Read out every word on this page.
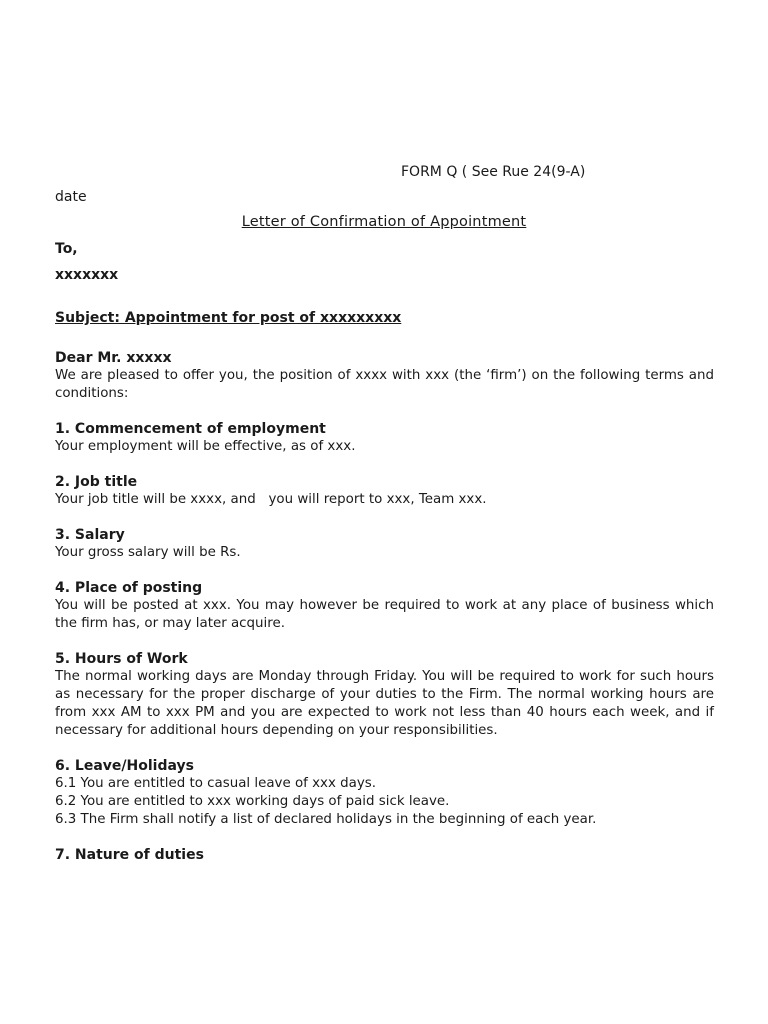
FORM Q ( See Rue 24(9-A)
date
Letter of Confirmation of Appointment
To,
xxxxxxx
Subject: Appointment for post of xxxxxxxxx

Dear Mr. xxxxx

We are pleased to offer you, the position of xxxx with xxx (the ‘firm’) on the following terms and conditions:

1. Commencement of employment

Your employment will be effective, as of xxx.

2. Job title

Your job title will be xxxx, and   you will report to xxx, Team xxx.

3. Salary

Your gross salary will be Rs.

4. Place of posting

You will be posted at xxx. You may however be required to work at any place of business which the firm has, or may later acquire.

5. Hours of Work

The normal working days are Monday through Friday. You will be required to work for such hours as necessary for the proper discharge of your duties to the Firm. The normal working hours are from xxx AM to xxx PM and you are expected to work not less than 40 hours each week, and if necessary for additional hours depending on your responsibilities.

6. Leave/Holidays

6.1 You are entitled to casual leave of xxx days.

6.2 You are entitled to xxx working days of paid sick leave.

6.3 The Firm shall notify a list of declared holidays in the beginning of each year.

7. Nature of duties
